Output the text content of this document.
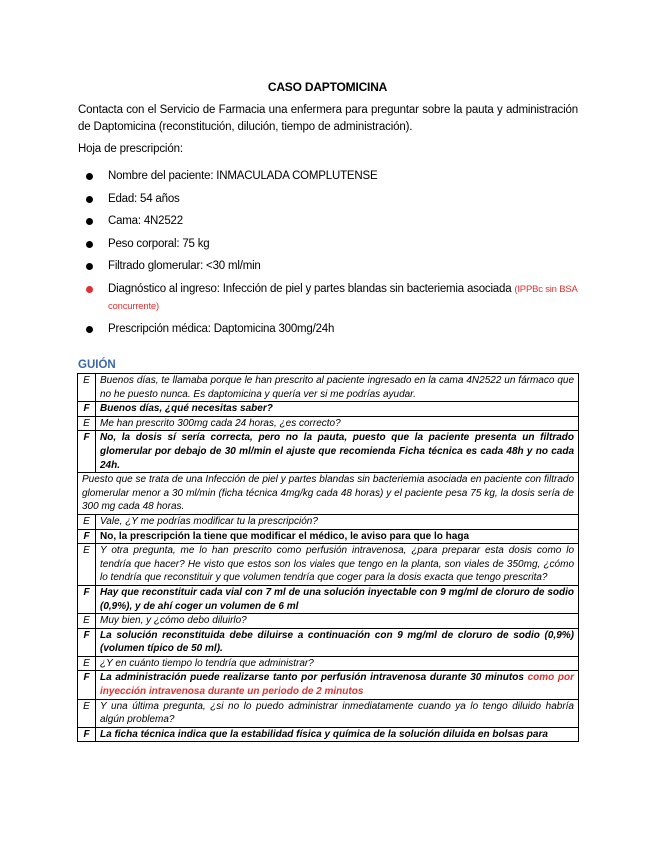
CASO DAPTOMICINA
Contacta con el Servicio de Farmacia una enfermera para preguntar sobre la pauta y administración de Daptomicina (reconstitución, dilución, tiempo de administración).
Hoja de prescripción:
Nombre del paciente: INMACULADA COMPLUTENSE
Edad: 54 años
Cama: 4N2522
Peso corporal: 75 kg
Filtrado glomerular: <30 ml/min
Diagnóstico al ingreso: Infección de piel y partes blandas sin bacteriemia asociada (IPPBc sin BSA concurrente)
Prescripción médica: Daptomicina 300mg/24h
GUIÓN
E	Buenos días, te llamaba porque le han prescrito al paciente ingresado en la cama 4N2522 un fármaco que no he puesto nunca. Es daptomicina y quería ver si me podrías ayudar.
F	Buenos días, ¿qué necesitas saber?
E	Me han prescrito 300mg cada 24 horas, ¿es correcto?
F	No, la dosis sí sería correcta, pero no la pauta, puesto que la paciente presenta un filtrado glomerular por debajo de 30 ml/min el ajuste que recomienda Ficha técnica es cada 48h y no cada 24h.
Puesto que se trata de una Infección de piel y partes blandas sin bacteriemia asociada en paciente con filtrado glomerular menor a 30 ml/min (ficha técnica 4mg/kg cada 48 horas) y el paciente pesa 75 kg, la dosis sería de 300 mg cada 48 horas.	
E	Vale, ¿Y me podrías modificar tu la prescripción?
F	No, la prescripción la tiene que modificar el médico, le aviso para que lo haga
E	Y otra pregunta, me lo han prescrito como perfusión intravenosa, ¿para preparar esta dosis como lo tendría que hacer? He visto que estos son los viales que tengo en la planta, son viales de 350mg, ¿cómo lo tendría que reconstituir y que volumen tendría que coger para la dosis exacta que tengo prescrita?
F	Hay que reconstituir cada vial con 7 ml de una solución inyectable con 9 mg/ml de cloruro de sodio (0,9%), y de ahí coger un volumen de 6 ml
E	Muy bien, y ¿cómo debo diluirlo?
F	La solución reconstituida debe diluirse a continuación con 9 mg/ml de cloruro de sodio (0,9%) (volumen típico de 50 ml).
E	¿Y en cuánto tiempo lo tendría que administrar?
F	La administración puede realizarse tanto por perfusión intravenosa durante 30 minutos como por inyección intravenosa durante un periodo de 2 minutos
E	Y una última pregunta, ¿si no lo puedo administrar inmediatamente cuando ya lo tengo diluido habría algún problema?
F	La ficha técnica indica que la estabilidad física y química de la solución diluida en bolsas para
